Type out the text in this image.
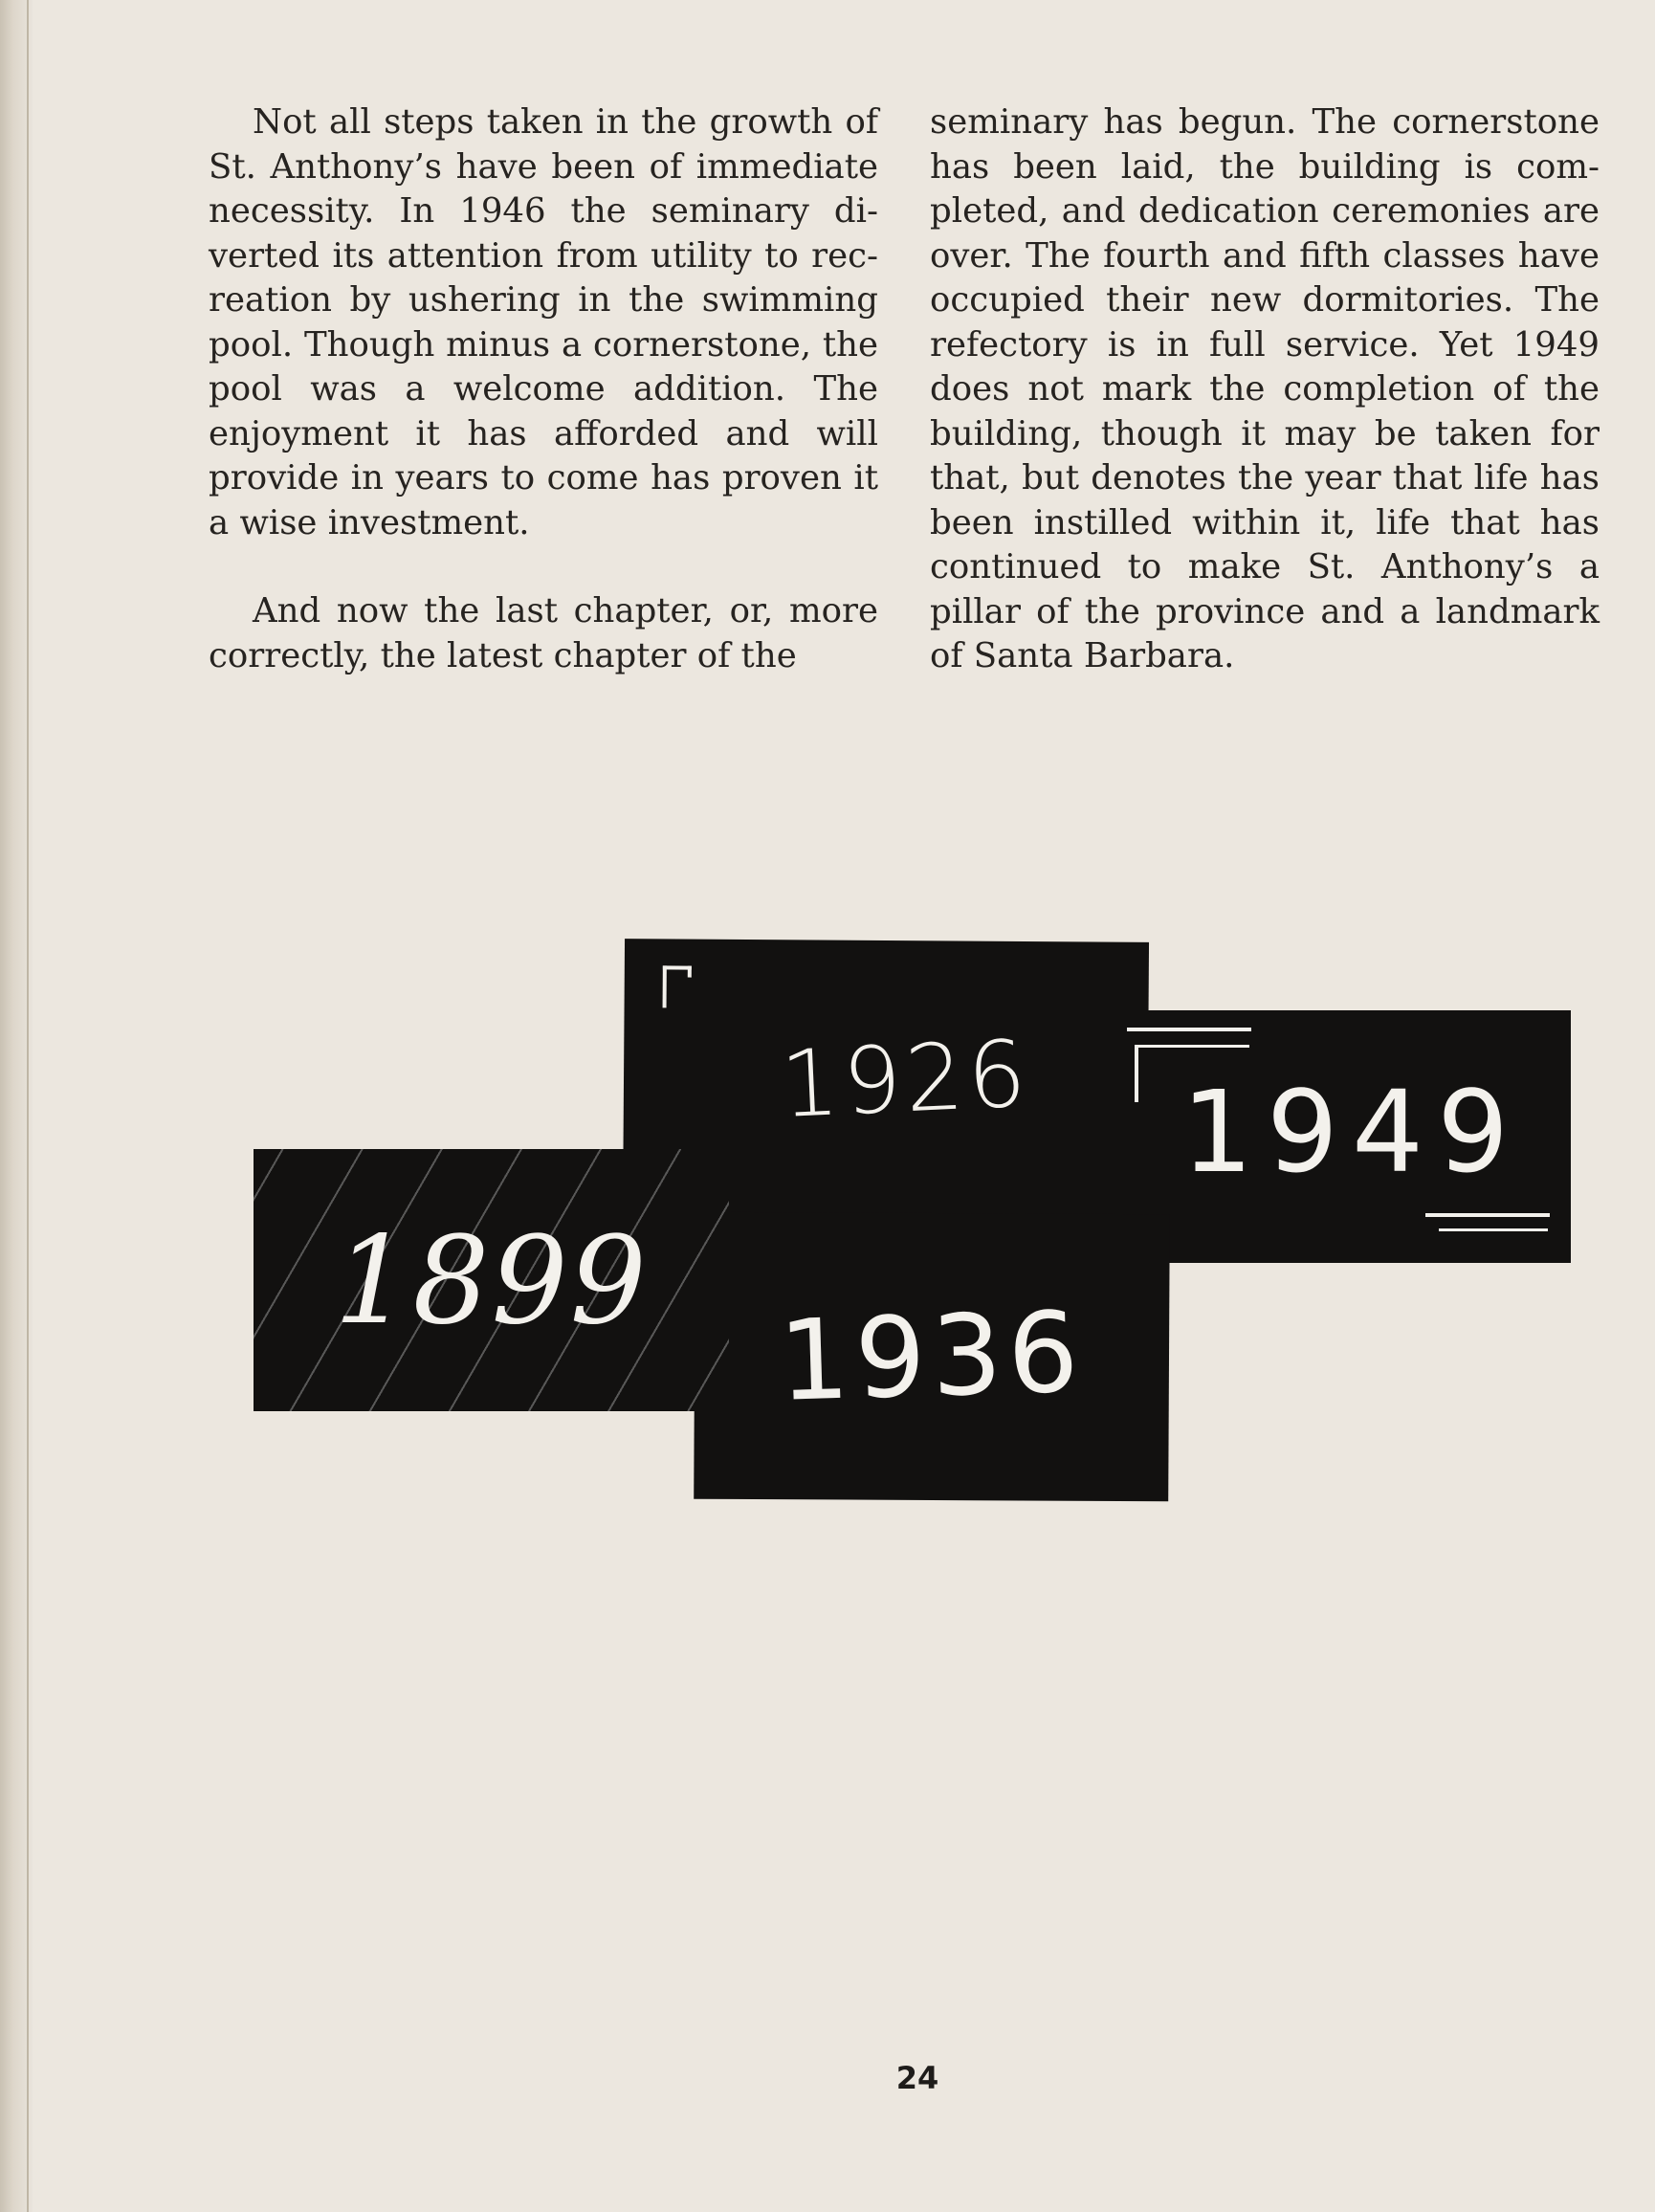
Not all steps taken in the growth of St. Anthony’s have been of immediate necessity. In 1946 the seminary diverted its attention from utility to recreation by ushering in the swimming pool. Though minus a cornerstone, the pool was a welcome addition. The enjoyment it has afforded and will provide in years to come has proven it a wise investment.

And now the last chapter, or, more correctly, the latest chapter of the

seminary has begun. The cornerstone has been laid, the building is completed, and dedication ceremonies are over. The fourth and fifth classes have occupied their new dormitories. The refectory is in full service. Yet 1949 does not mark the completion of the building, though it may be taken for that, but denotes the year that life has been instilled within it, life that has continued to make St. Anthony’s a pillar of the province and a landmark of Santa Barbara.

1926 1949
1936
1899
24
